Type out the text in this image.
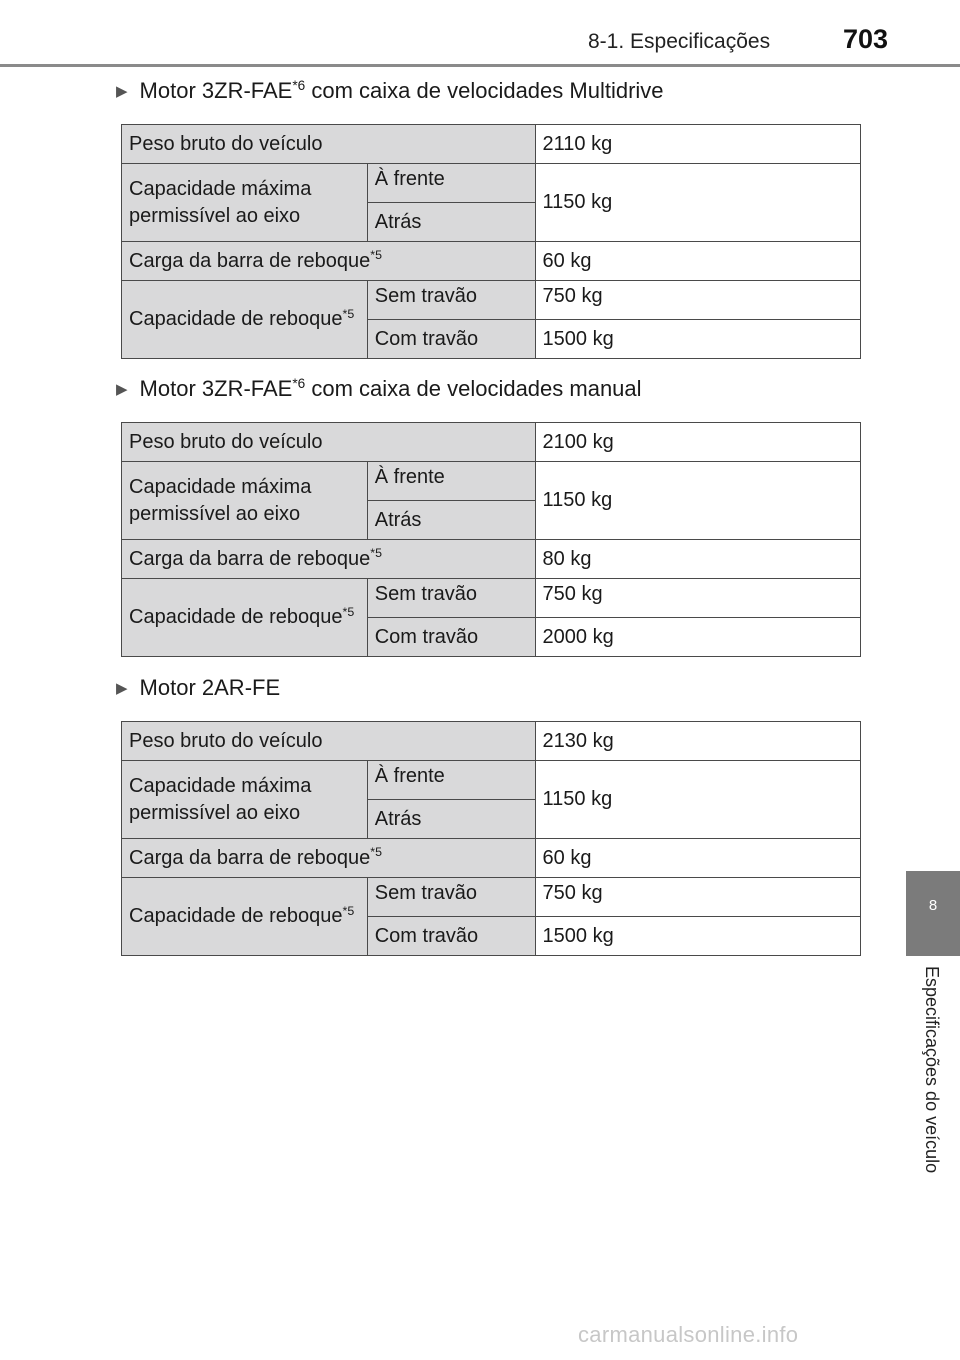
8-1. Especificações	703
▶ Motor 3ZR-FAE$^{*6}$ com caixa de velocidades Multidrive
Peso bruto do veículo		2110 kg
Capacidade máxima permissível ao eixo	À frente	1150 kg
	Atrás	
Carga da barra de reboque$^{*5}$		60 kg
Capacidade de reboque$^{*5}$	Sem travão	750 kg
	Com travão	1500 kg
▶ Motor 3ZR-FAE$^{*6}$ com caixa de velocidades manual
Peso bruto do veículo		2100 kg
Capacidade máxima permissível ao eixo	À frente	1150 kg
	Atrás	
Carga da barra de reboque$^{*5}$		80 kg
Capacidade de reboque$^{*5}$	Sem travão	750 kg
	Com travão	2000 kg
▶ Motor 2AR-FE
Peso bruto do veículo		2130 kg
Capacidade máxima permissível ao eixo	À frente	1150 kg
	Atrás	
Carga da barra de reboque$^{*5}$		60 kg
Capacidade de reboque$^{*5}$	Sem travão	750 kg
	Com travão	1500 kg
8
Especificações do veículo
carmanualsonline.info
